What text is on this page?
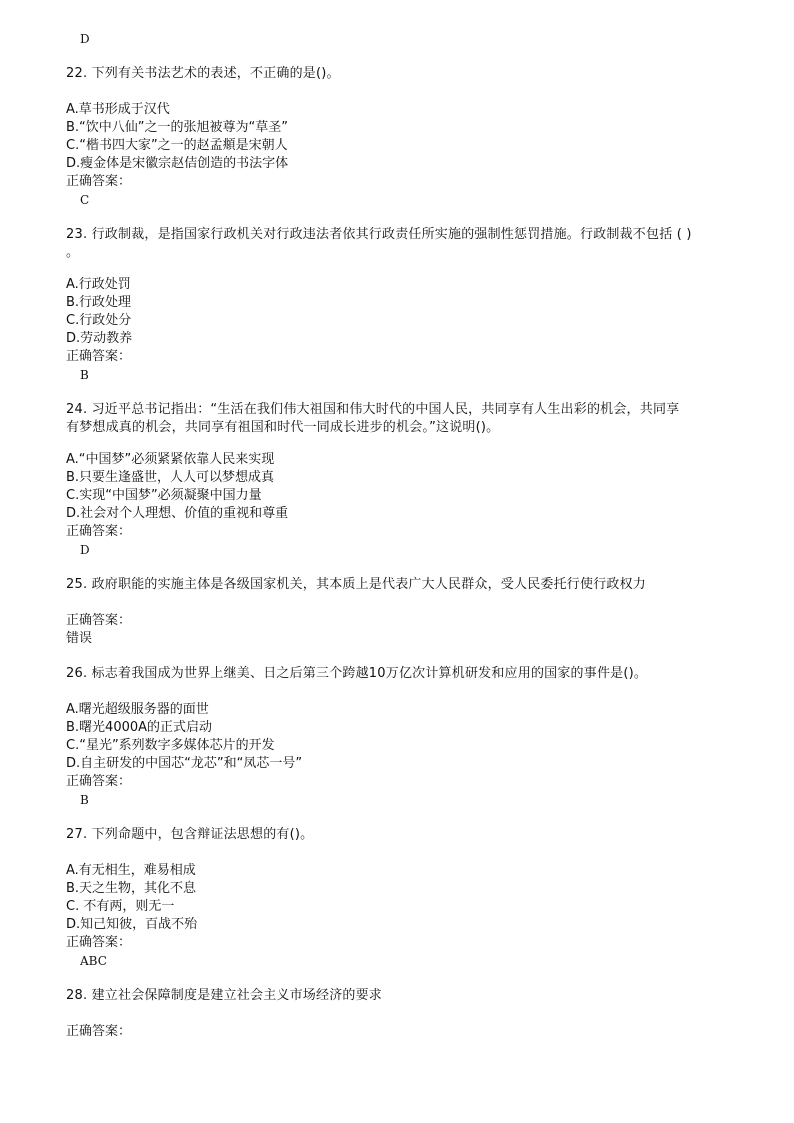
D
22. 下列有关书法艺术的表述，不正确的是()。
A.草书形成于汉代
B.“饮中八仙”之一的张旭被尊为“草圣”
C.“楷书四大家”之一的赵孟頫是宋朝人
D.瘦金体是宋徽宗赵佶创造的书法字体
正确答案：
C
23. 行政制裁，是指国家行政机关对行政违法者依其行政责任所实施的强制性惩罚措施。行政制裁不包括 ( )
。
A.行政处罚
B.行政处理
C.行政处分
D.劳动教养
正确答案：
B
24. 习近平总书记指出：“生活在我们伟大祖国和伟大时代的中国人民，共同享有人生出彩的机会，共同享
有梦想成真的机会，共同享有祖国和时代一同成长进步的机会。”这说明()。
A.“中国梦”必须紧紧依靠人民来实现
B.只要生逢盛世，人人可以梦想成真
C.实现“中国梦”必须凝聚中国力量
D.社会对个人理想、价值的重视和尊重
正确答案：
D
25. 政府职能的实施主体是各级国家机关，其本质上是代表广大人民群众，受人民委托行使行政权力
正确答案：
错误
26. 标志着我国成为世界上继美、日之后第三个跨越10万亿次计算机研发和应用的国家的事件是()。
A.曙光超级服务器的面世
B.曙光4000A的正式启动
C.“星光”系列数字多媒体芯片的开发
D.自主研发的中国芯“龙芯”和“凤芯一号”
正确答案：
B
27. 下列命题中，包含辩证法思想的有()。
A.有无相生，难易相成
B.天之生物，其化不息
C. 不有两，则无一
D.知己知彼，百战不殆
正确答案：
ABC
28. 建立社会保障制度是建立社会主义市场经济的要求
正确答案：
